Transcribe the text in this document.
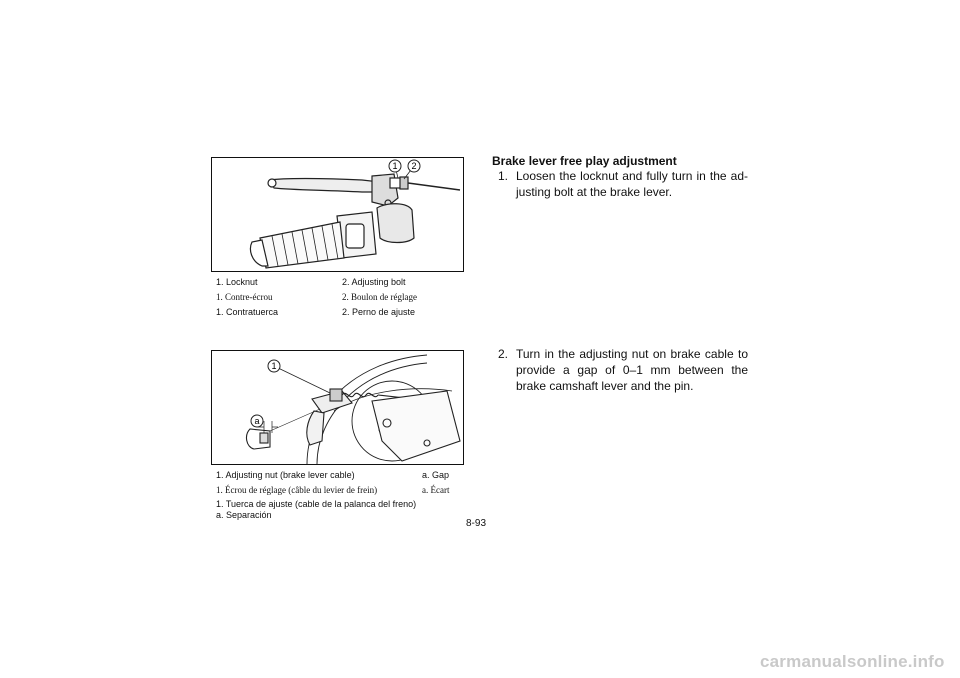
1 2
1. Locknut	2. Adjusting bolt
1. Contre-écrou	2. Boulon de réglage
1. Contratuerca	2. Perno de ajuste
1
a
1. Adjusting nut (brake lever cable)	a. Gap
1. Écrou de réglage (câble du levier de frein)	a. Écart
1. Tuerca de ajuste (cable de la palanca del freno)
a. Separación
Brake lever free play adjustment
1. Loosen the locknut and fully turn in the ad-justing bolt at the brake lever.
2. Turn in the adjusting nut on brake cable to provide a gap of 0–1 mm between the brake camshaft lever and the pin.
8-93
carmanualsonline.info
